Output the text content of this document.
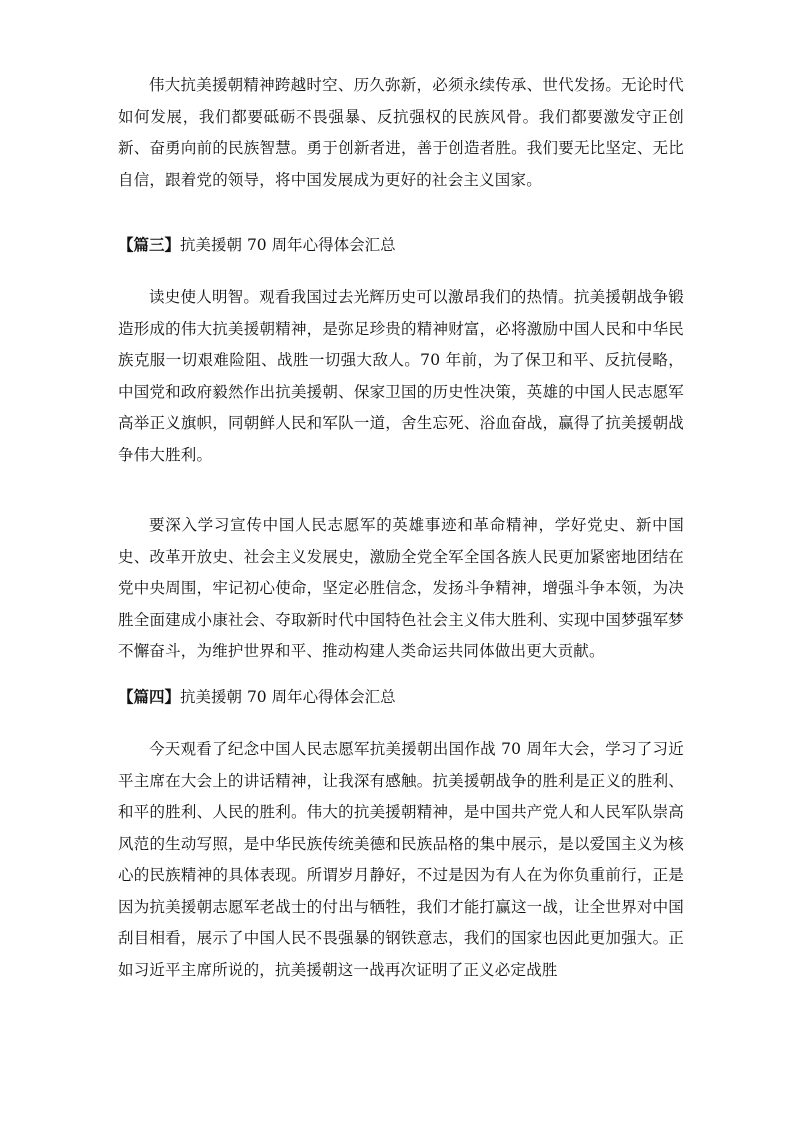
伟大抗美援朝精神跨越时空、历久弥新，必须永续传承、世代发扬。无论时代如何发展，我们都要砥砺不畏强暴、反抗强权的民族风骨。我们都要激发守正创新、奋勇向前的民族智慧。勇于创新者进，善于创造者胜。我们要无比坚定、无比自信，跟着党的领导，将中国发展成为更好的社会主义国家。

【篇三】抗美援朝 70 周年心得体会汇总

读史使人明智。观看我国过去光辉历史可以激昂我们的热情。抗美援朝战争锻造形成的伟大抗美援朝精神，是弥足珍贵的精神财富，必将激励中国人民和中华民族克服一切艰难险阻、战胜一切强大敌人。70 年前，为了保卫和平、反抗侵略，中国党和政府毅然作出抗美援朝、保家卫国的历史性决策，英雄的中国人民志愿军高举正义旗帜，同朝鲜人民和军队一道，舍生忘死、浴血奋战，赢得了抗美援朝战争伟大胜利。

要深入学习宣传中国人民志愿军的英雄事迹和革命精神，学好党史、新中国史、改革开放史、社会主义发展史，激励全党全军全国各族人民更加紧密地团结在党中央周围，牢记初心使命，坚定必胜信念，发扬斗争精神，增强斗争本领，为决胜全面建成小康社会、夺取新时代中国特色社会主义伟大胜利、实现中国梦强军梦不懈奋斗，为维护世界和平、推动构建人类命运共同体做出更大贡献。

【篇四】抗美援朝 70 周年心得体会汇总

今天观看了纪念中国人民志愿军抗美援朝出国作战 70 周年大会，学习了习近平主席在大会上的讲话精神，让我深有感触。抗美援朝战争的胜利是正义的胜利、和平的胜利、人民的胜利。伟大的抗美援朝精神，是中国共产党人和人民军队崇高风范的生动写照，是中华民族传统美德和民族品格的集中展示，是以爱国主义为核心的民族精神的具体表现。所谓岁月静好，不过是因为有人在为你负重前行，正是因为抗美援朝志愿军老战士的付出与牺牲，我们才能打赢这一战，让全世界对中国刮目相看，展示了中国人民不畏强暴的钢铁意志，我们的国家也因此更加强大。正如习近平主席所说的，抗美援朝这一战再次证明了正义必定战胜
